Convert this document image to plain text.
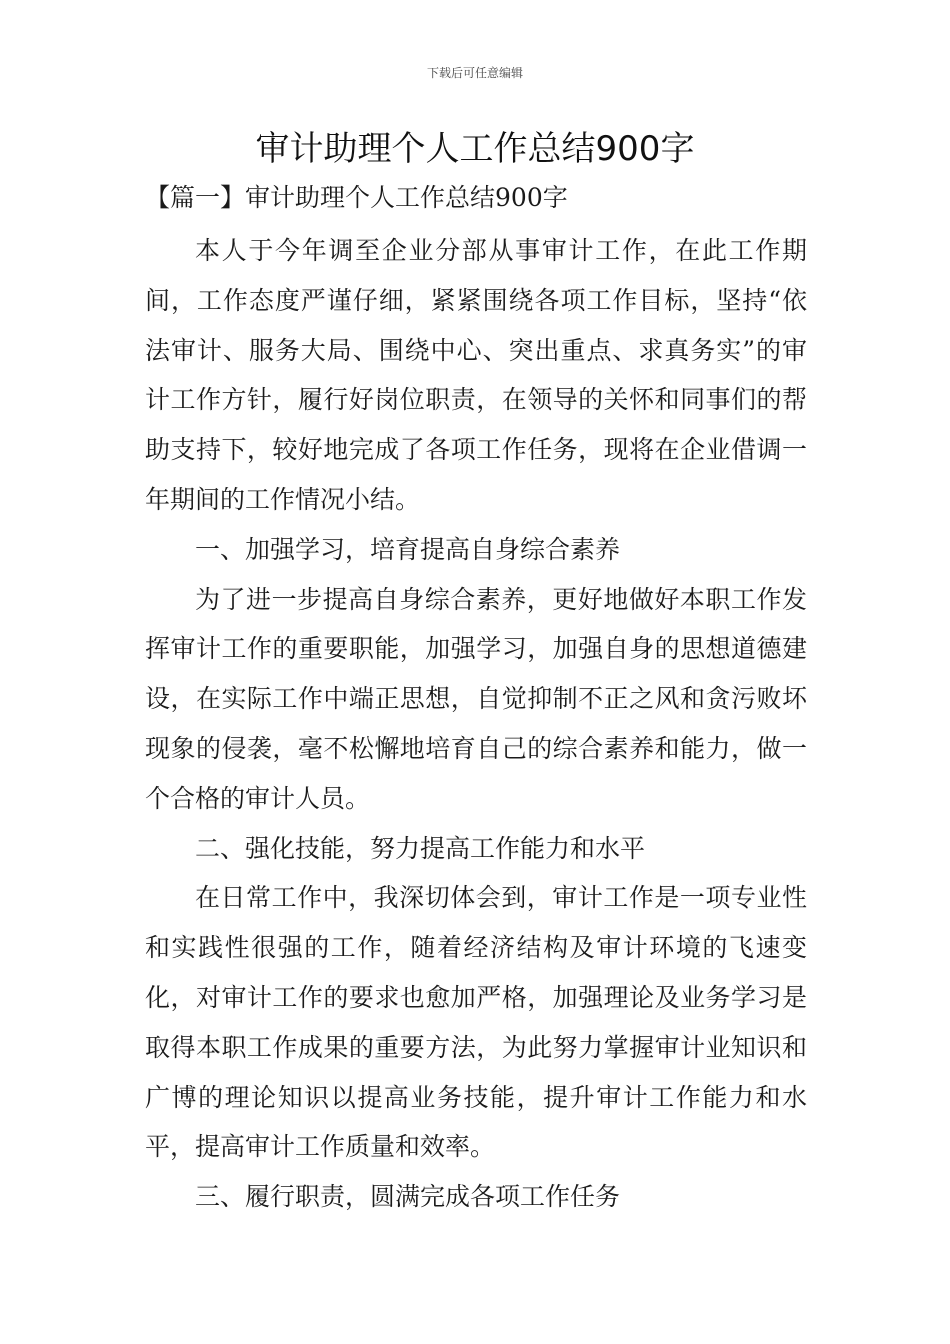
下载后可任意编辑
审计助理个人工作总结900字
【篇一】审计助理个人工作总结900字

本人于今年调至企业分部从事审计工作，在此工作期间，工作态度严谨仔细，紧紧围绕各项工作目标，坚持“依法审计、服务大局、围绕中心、突出重点、求真务实”的审计工作方针，履行好岗位职责，在领导的关怀和同事们的帮助支持下，较好地完成了各项工作任务，现将在企业借调一年期间的工作情况小结。

一、加强学习，培育提高自身综合素养

为了进一步提高自身综合素养，更好地做好本职工作发挥审计工作的重要职能，加强学习，加强自身的思想道德建设，在实际工作中端正思想，自觉抑制不正之风和贪污败坏现象的侵袭，毫不松懈地培育自己的综合素养和能力，做一个合格的审计人员。

二、强化技能，努力提高工作能力和水平

在日常工作中，我深切体会到，审计工作是一项专业性和实践性很强的工作，随着经济结构及审计环境的飞速变化，对审计工作的要求也愈加严格，加强理论及业务学习是取得本职工作成果的重要方法，为此努力掌握审计业知识和广博的理论知识以提高业务技能，提升审计工作能力和水平，提高审计工作质量和效率。

三、履行职责，圆满完成各项工作任务
